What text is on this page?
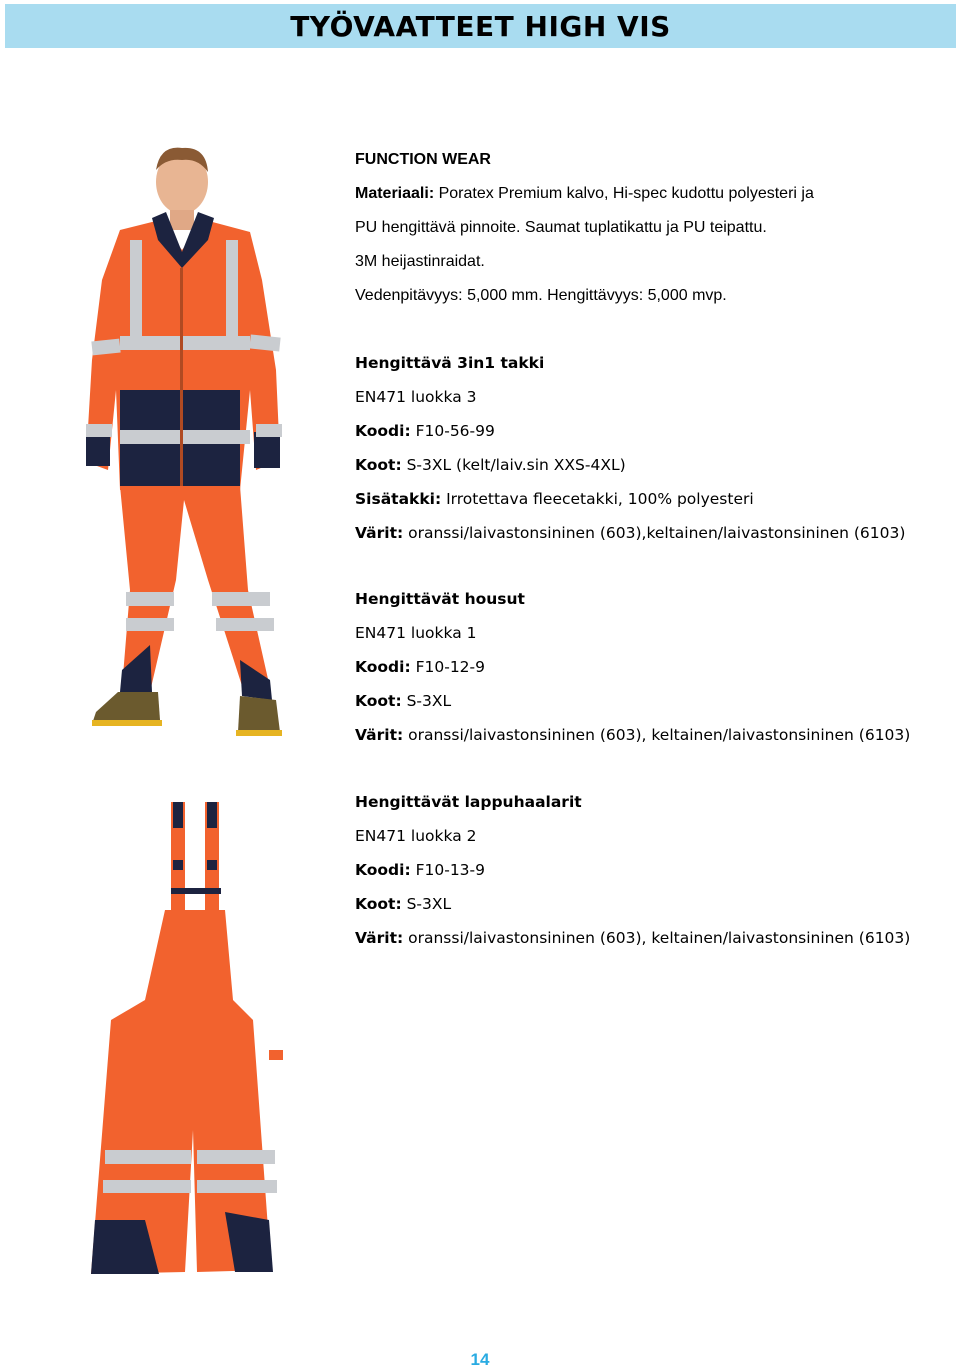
TYÖVAATTEET HIGH VIS
FUNCTION WEAR
Materiaali: Poratex Premium kalvo, Hi-spec kudottu polyesteri ja
PU hengittävä pinnoite. Saumat tuplatikattu ja PU teipattu.
3M heijastinraidat.
Vedenpitävyys: 5,000 mm. Hengittävyys: 5,000 mvp.
Hengittävä 3in1 takki
EN471 luokka 3
Koodi: F10-56-99
Koot: S-3XL (kelt/laiv.sin XXS-4XL)
Sisätakki: Irrotettava fleecetakki, 100% polyesteri
Värit: oranssi/laivastonsininen (603),keltainen/laivastonsininen (6103)
Hengittävät housut
EN471 luokka 1
Koodi: F10-12-9
Koot: S-3XL
Värit: oranssi/laivastonsininen (603), keltainen/laivastonsininen (6103)
Hengittävät lappuhaalarit
EN471 luokka 2
Koodi: F10-13-9
Koot: S-3XL
Värit: oranssi/laivastonsininen (603), keltainen/laivastonsininen (6103)
14
